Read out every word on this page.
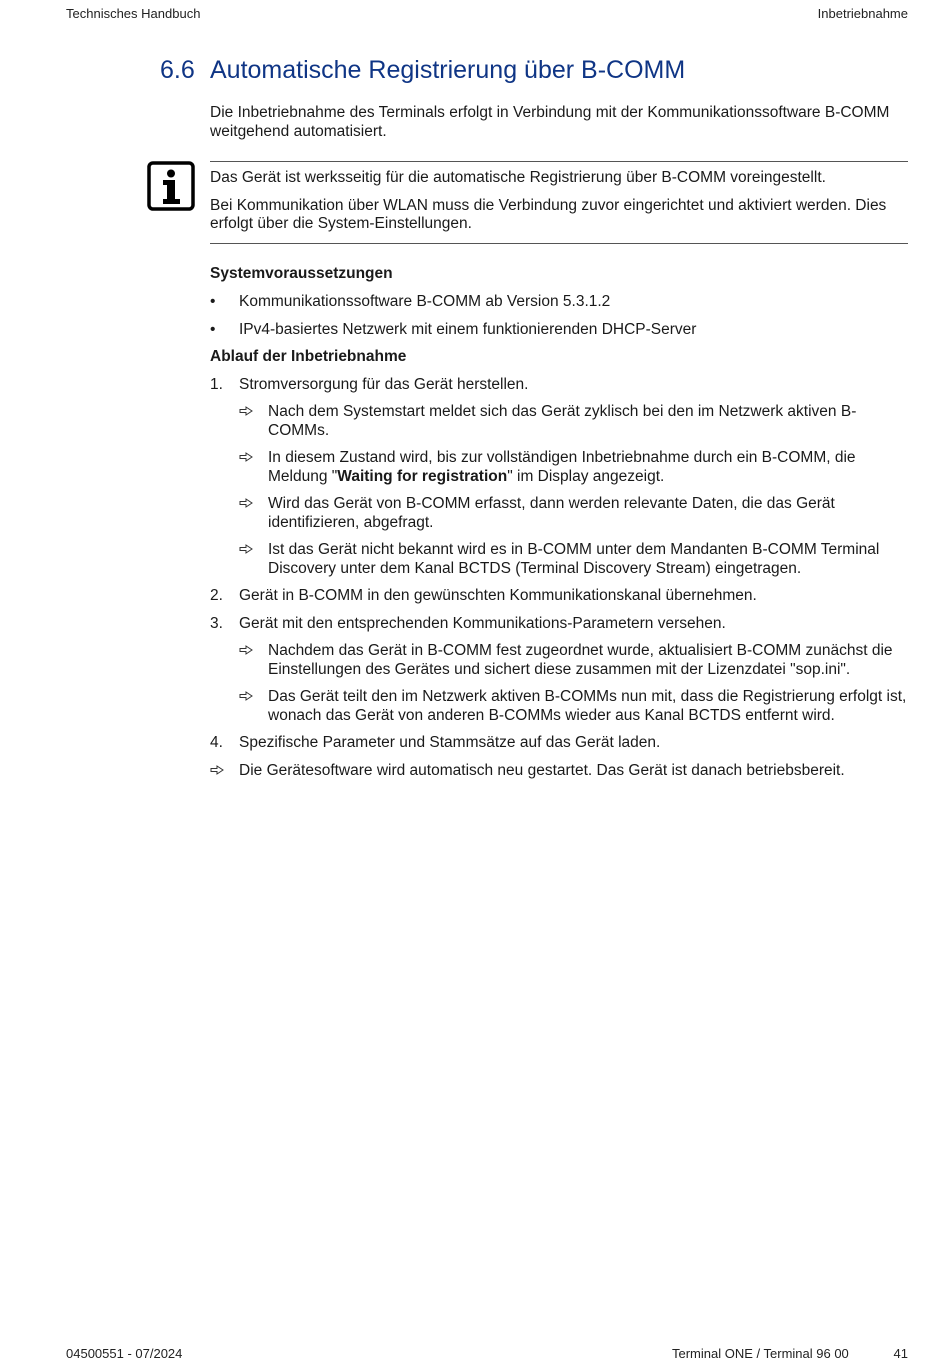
Technisches Handbuch	Inbetriebnahme
6.6 Automatische Registrierung über B-COMM

Die Inbetriebnahme des Terminals erfolgt in Verbindung mit der Kommunikationssoftware B-COMM weitgehend automatisiert.

Das Gerät ist werksseitig für die automatische Registrierung über B-COMM voreingestellt.

Bei Kommunikation über WLAN muss die Verbindung zuvor eingerichtet und aktiviert werden. Dies erfolgt über die System-Einstellungen.

Systemvoraussetzungen
• Kommunikationssoftware B-COMM ab Version 5.3.1.2
• IPv4-basiertes Netzwerk mit einem funktionierenden DHCP-Server
Ablauf der Inbetriebnahme
1. Stromversorgung für das Gerät herstellen.
Nach dem Systemstart meldet sich das Gerät zyklisch bei den im Netzwerk aktiven B-COMMs.
In diesem Zustand wird, bis zur vollständigen Inbetriebnahme durch ein B-COMM, die Meldung "Waiting for registration" im Display angezeigt.
Wird das Gerät von B-COMM erfasst, dann werden relevante Daten, die das Gerät identifizieren, abgefragt.
Ist das Gerät nicht bekannt wird es in B-COMM unter dem Mandanten B-COMM Terminal Discovery unter dem Kanal BCTDS (Terminal Discovery Stream) eingetragen.
2. Gerät in B-COMM in den gewünschten Kommunikationskanal übernehmen.
3. Gerät mit den entsprechenden Kommunikations-Parametern versehen.
Nachdem das Gerät in B-COMM fest zugeordnet wurde, aktualisiert B-COMM zunächst die Einstellungen des Gerätes und sichert diese zusammen mit der Lizenzdatei "sop.ini".
Das Gerät teilt den im Netzwerk aktiven B-COMMs nun mit, dass die Registrierung erfolgt ist, wonach das Gerät von anderen B-COMMs wieder aus Kanal BCTDS entfernt wird.
4. Spezifische Parameter und Stammsätze auf das Gerät laden.
Die Gerätesoftware wird automatisch neu gestartet. Das Gerät ist danach betriebsbereit.
04500551 - 07/2024	Terminal ONE / Terminal 96 00	41
